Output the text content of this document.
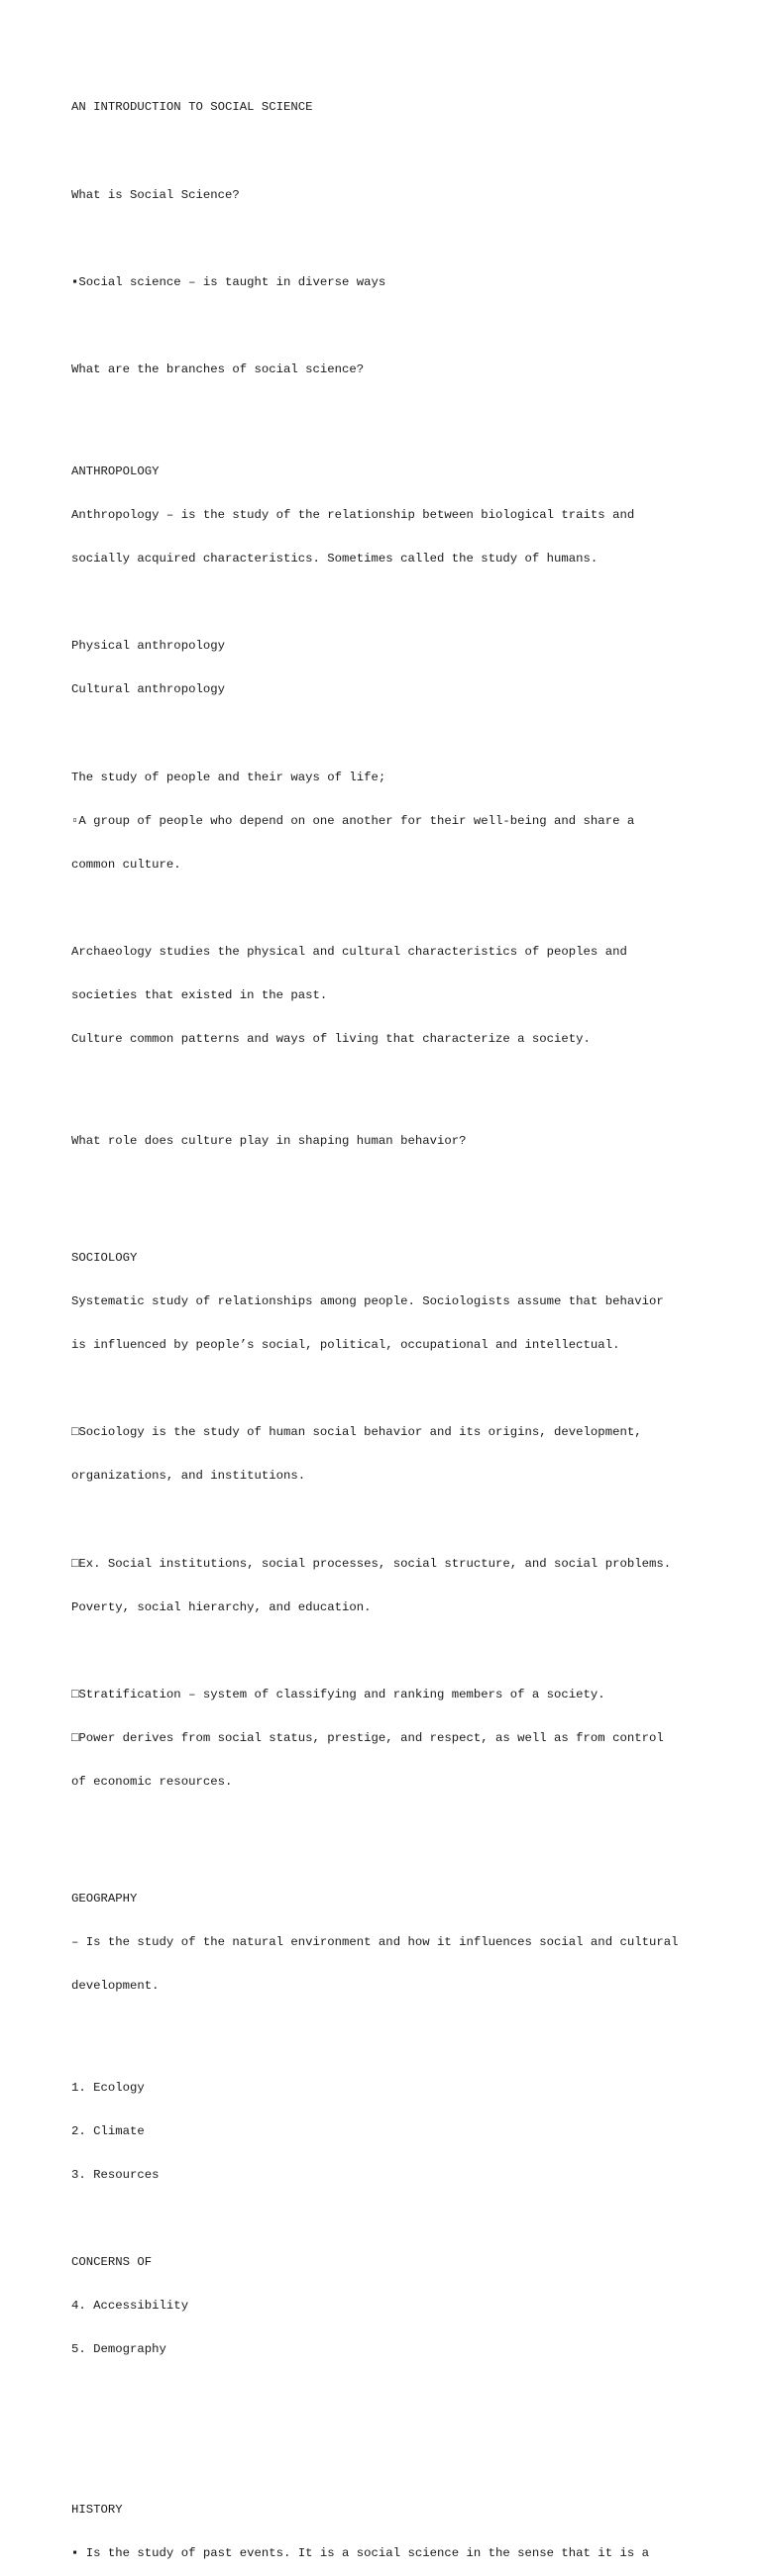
AN INTRODUCTION TO SOCIAL SCIENCE

What is Social Science?

▪Social science – is taught in diverse ways

What are the branches of social science?

ANTHROPOLOGY

Anthropology – is the study of the relationship between biological traits and

socially acquired characteristics. Sometimes called the study of humans.

Physical anthropology

Cultural anthropology

The study of people and their ways of life;

▫A group of people who depend on one another for their well-being and share a

common culture.

Archaeology studies the physical and cultural characteristics of peoples and

societies that existed in the past.

Culture common patterns and ways of living that characterize a society.

What role does culture play in shaping human behavior?

SOCIOLOGY

Systematic study of relationships among people. Sociologists assume that behavior

is influenced by people’s social, political, occupational and intellectual.

□Sociology is the study of human social behavior and its origins, development,

organizations, and institutions.

□Ex. Social institutions, social processes, social structure, and social problems.

Poverty, social hierarchy, and education.

□Stratification – system of classifying and ranking members of a society.

□Power derives from social status, prestige, and respect, as well as from control

of economic resources.

GEOGRAPHY

– Is the study of the natural environment and how it influences social and cultural

development.

1. Ecology

2. Climate

3. Resources

CONCERNS OF

4. Accessibility

5. Demography

HISTORY

▪ Is the study of past events. It is a social science in the sense that it is a
